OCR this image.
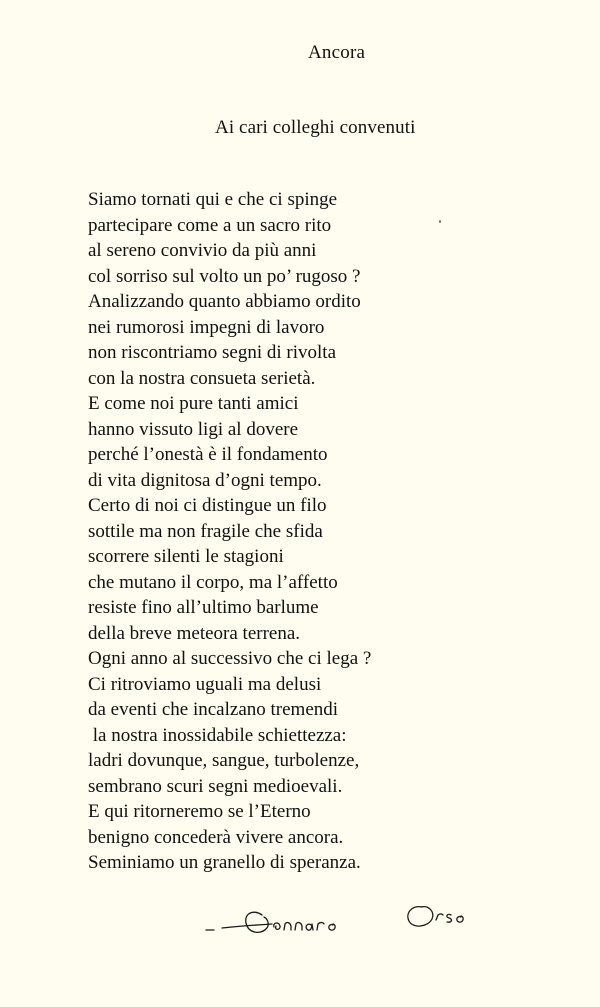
Ancora
Ai cari colleghi convenuti
Siamo tornati qui e che ci spinge
partecipare come a un sacro rito
al sereno convivio da più anni
col sorriso sul volto un po’ rugoso ?
Analizzando quanto abbiamo ordito
nei rumorosi impegni di lavoro
non riscontriamo segni di rivolta
con la nostra consueta serietà.
E come noi pure tanti amici
hanno vissuto ligi al dovere
perché l’onestà è il fondamento
di vita dignitosa d’ogni tempo.
Certo di noi ci distingue un filo
sottile ma non fragile che sfida
scorrere silenti le stagioni
che mutano il corpo, ma l’affetto
resiste fino all’ultimo barlume
della breve meteora terrena.
Ogni anno al successivo che ci lega ?
Ci ritroviamo uguali ma delusi
da eventi che incalzano tremendi
la nostra inossidabile schiettezza:
ladri dovunque, sangue, turbolenze,
sembrano scuri segni medioevali.
E qui ritorneremo se l’Eterno
benigno concederà vivere ancora.
Seminiamo un granello di speranza.
